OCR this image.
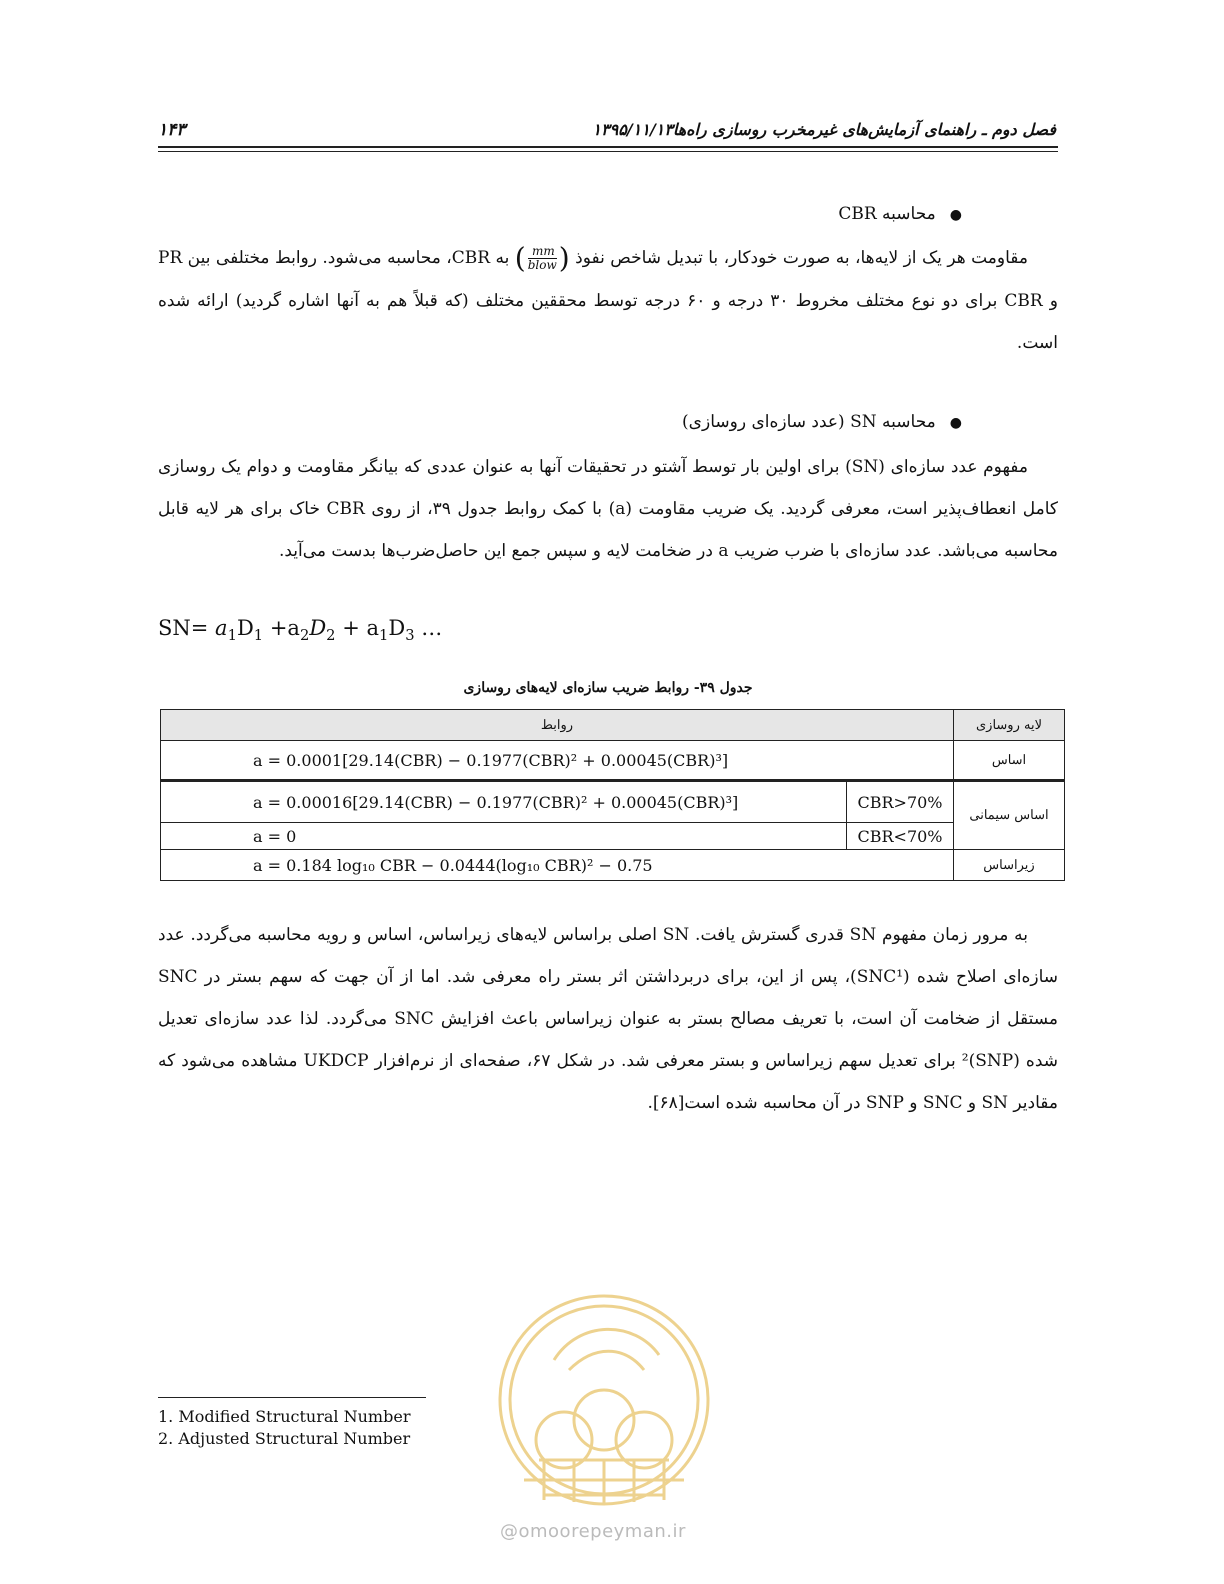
۱۴۳	فصل دوم ـ راهنمای آزمایش‌های غیرمخرب روسازی راه‌ها۱۳۹۵/۱۱/۱۳
●محاسبه CBR
مقاومت هر یک از لایه‌ها، به صورت خودکار، با تبدیل شاخص نفوذ (
$\frac{mm}{\text{blow}}$
) به CBR، محاسبه می‌شود. روابط مختلفی بین PR و CBR برای دو نوع مختلف مخروط ۳۰ درجه و ۶۰ درجه توسط محققین مختلف (که قبلاً هم به آنها اشاره گردید) ارائه شده است.
●محاسبه SN (عدد سازه‌ای روسازی)
مفهوم عدد سازه‌ای (SN) برای اولین بار توسط آشتو در تحقیقات آنها به عنوان عددی که بیانگر مقاومت و دوام یک روسازی کامل انعطاف‌پذیر است، معرفی گردید. یک ضریب مقاومت (a) با کمک روابط جدول ۳۹، از روی CBR خاک برای هر لایه قابل محاسبه می‌باشد. عدد سازه‌ای با ضرب ضریب a در ضخامت لایه و سپس جمع این حاصل‌ضرب‌ها بدست می‌آید.
$SN= a_1D_1 +a_2D_2 + a_1D_3$ …
جدول ۳۹- روابط ضریب سازه‌ای لایه‌های روسازی
روابط		لایه روسازی
a = 0.0001[29.14(CBR) − 0.1977(CBR)² + 0.00045(CBR)³]		اساس
a = 0.00016[29.14(CBR) − 0.1977(CBR)² + 0.00045(CBR)³]	CBR>70%	اساس سیمانی
a = 0	CBR<70%	
a = 0.184 log₁₀ CBR − 0.0444(log₁₀ CBR)² − 0.75		زیراساس
به مرور زمان مفهوم SN قدری گسترش یافت. SN اصلی براساس لایه‌های زیراساس، اساس و رویه محاسبه می‌گردد. عدد سازه‌ای اصلاح شده (SNC¹)، پس از این، برای دربرداشتن اثر بستر راه معرفی شد. اما از آن جهت که سهم بستر در SNC مستقل از ضخامت آن است، با تعریف مصالح بستر به عنوان زیراساس باعث افزایش SNC می‌گردد. لذا عدد سازه‌ای تعدیل شده (SNP)² برای تعدیل سهم زیراساس و بستر معرفی شد. در شکل ۶۷، صفحه‌ای از نرم‌افزار UKDCP مشاهده می‌شود که مقادیر SN و SNC و SNP در آن محاسبه شده است[۶۸].
@omoorepeyman.ir
1. Modified Structural Number
2. Adjusted Structural Number
